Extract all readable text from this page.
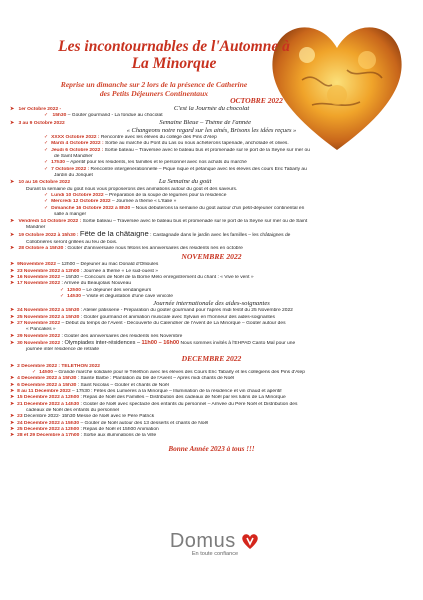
Les incontournables de l'Automne à
La Minorque
Reprise un dimanche sur 2 lors de la présence de Catherine
des Petits Déjeuners Continentaux
OCTOBRE 2022
➤ 1er Octobre 2022 -	C'est la Journée du chocolat
✓ 15h30 – Goûter gourmand - La fondue au chocolat
➤ 3 au 9 Octobre 2022	Semaine Bleue – Thème de l'année
« Changeons notre regard sur les ainés, Brisons les idées reçues »
✓ XXXX Octobre 2022 : Rencontre avec les élèves du collège des Pins d'Alep
✓ Mardi 4 Octobre 2022 : Sortie au marché du Pont du Las ou nous achèterons tapenade, anchoïade et olives.
✓ Jeudi 6 Octobre 2022 : Sortie bateau – Traversée avec le bateau bus et promenade sur le port de la Seyne sur mer ou
de Saint Mandrier
✓ 17h30 – Apéritif pour les résidents, les familles et le personnel avec nos achats du marché
✓ 7 Octobre 2022 : Rencontre intergénérationnelle – Pique nique et pétanque avec les élèves des cours Eric Tabarly au
Jardin du Jonquet
➤ 10 au 16 Octobre 2022	La Semaine du goût
Durant la semaine du goût nous vous proposerons des animations autour du goût et des saveurs.
✓ Lundi 10 Octobre 2022 – Préparation de la soupe de légumes pour la résidence
✓ Mercredi 12 Octobre 2022 – Journée à thème « L'Italie »
✓ Dimanche 16 Octobre 2022 à 8h30 – Nous débuterons la semaine du goût autour d'un petit-déjeuner continental en
salle à manger
➤ Vendredi 14 Octobre 2022 : Sortie bateau – Traversée avec le bateau bus et promenade sur le port de la Seyne sur mer ou de Saint
Mandrier
➤ 19 Octobre 2022 à 15h30 : Fête de la châtaigne : Castagnade dans le jardin avec les familles – les châtaignes de
Collobrières seront grillées au feu de bois.
➤ 28 Octobre à 15h30 : Goûter d'anniversaire nous fêtons les anniversaires des résidents nés en octobre
NOVEMBRE 2022
➤ 9Novembre 2022 – 12h00 – Déjeuner au mac Donald d'Ollioules
➤ 23 Novembre 2022 à 12h00 : Journée à thème « Le sud-ouest »
➤ 16 Novembre 2022 – 15h30 – Concours de Noël de la Borne Mélo enregistrement du chant : « Vive le vent »
➤ 17 Novembre 2022 : Arrivée du Beaujolais Nouveau
✓ 12h00 – Le déjeuner des vendangeurs
✓ 14h30 – Visite et dégustation d'une cave vinicole
Journée internationale des aides-soignantes
➤ 24 Novembre 2022 à 15h30 : Atelier pâtisserie - Préparation du goûter gourmand pour l'après midi festif du 25 Novembre 2022
➤ 25 Novembre 2022 à 15h30 : Goûter gourmand et animation musicale avec Sylvain en l'honneur des aides-soignantes
➤ 27 Novembre 2022 – Début du temps de l'Avent - Découverte du Calendrier de l'Avent de La Minorque – Goûter autour des
« Pancakes »
➤ 29 Novembre 2022 : Goûter des anniversaires des résidents nés Novembre
➤ 30 Novembre 2022 : Olympiades inter-résidences – 11h00 – 16h00 Nous sommes invités à l'EHPAD Canto Mal pour une
journée inter résidence de retraite
DECEMBRE 2022
➤ 2 Décembre 2022 : TELETHON 2022
✓ 14h00 – Grande marche solidaire pour le Téléthon avec les élèves des Cours Eric Tabarly et les collégiens des Pins d'Alep
➤ 4 Décembre 2022 à 15h30 : Sainte Barbe : Plantation du blé de l'Avent – Après midi chants de Noël
➤ 6 Décembre 2022 à 15h30 : Saint Nicolas – Goûter et chants de Noël
➤ 8 au 11 Décembre 2022 – 17h30 : Fêtes des Lumières à la Minorque – Illumination de la résidence et vin chaud et apéritif
➤ 15 Décembre 2022 à 12h00 : Repas de Noël des Familles – Distribution des cadeaux de Noël par les lutins de La Minorque
➤ 21 Décembre 2022 à 14h30 : Goûter de Noël avec spectacle des enfants du personnel – Arrivée du Père Noël et Distribution des
cadeaux de Noël des enfants du personnel
➤ 23 Décembre 2022- 15h30 Messe de Noël avec le Père Patrick
➤ 24 Décembre 2022 à 15h30 – Goûter de Noël autour des 13 desserts et chants de Noël
➤ 25 Décembre 2022 à 12h00 : Repas de Noël et 15h00 Animation
➤ 28 et 29 Décembre à 17h00 : Sortie aux illuminations de la Ville
Bonne Année 2023 à tous !!!
Domus
En toute confiance
